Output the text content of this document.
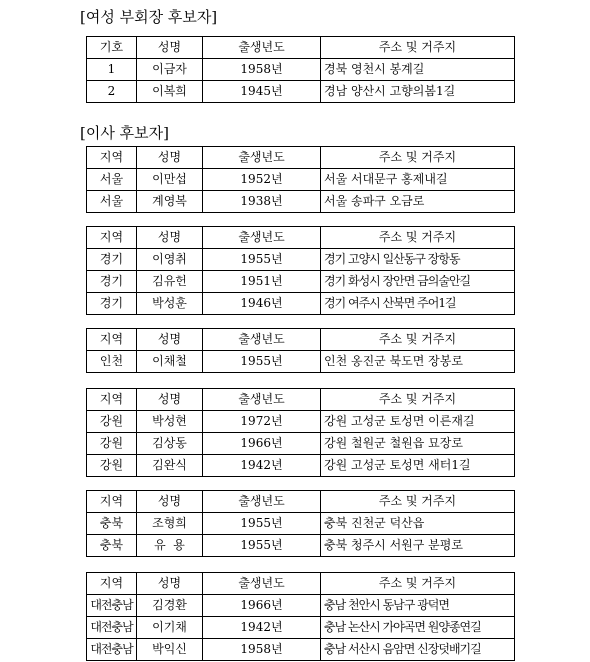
[여성 부회장 후보자]
기호	성명	출생년도	주소 및 거주지
1	이금자	1958년	경북 영천시 봉계길
2	이복희	1945년	경남 양산시 고향의봄1길
[이사 후보자]
지역	성명	출생년도	주소 및 거주지
서울	이만섭	1952년	서울 서대문구 홍제내길
서울	계영복	1938년	서울 송파구 오금로
지역	성명	출생년도	주소 및 거주지
경기	이영취	1955년	경기 고양시 일산동구 장항동
경기	김유헌	1951년	경기 화성시 장안면 금의술안길
경기	박성훈	1946년	경기 여주시 산북면 주어1길
지역	성명	출생년도	주소 및 거주지
인천	이채철	1955년	인천 옹진군 북도면 장봉로
지역	성명	출생년도	주소 및 거주지
강원	박성현	1972년	강원 고성군 토성면 이른재길
강원	김상동	1966년	강원 철원군 철원읍 묘장로
강원	김완식	1942년	강원 고성군 토성면 새터1길
지역	성명	출생년도	주소 및 거주지
충북	조형희	1955년	충북 진천군 덕산읍
충북	유  용	1955년	충북 청주시 서원구 분평로
지역	성명	출생년도	주소 및 거주지
대전충남	김경환	1966년	충남 천안시 동남구 광덕면
대전충남	이기채	1942년	충남 논산시 가야곡면 원양종연길
대전충남	박익신	1958년	충남 서산시 음암면 신장덧배기길
